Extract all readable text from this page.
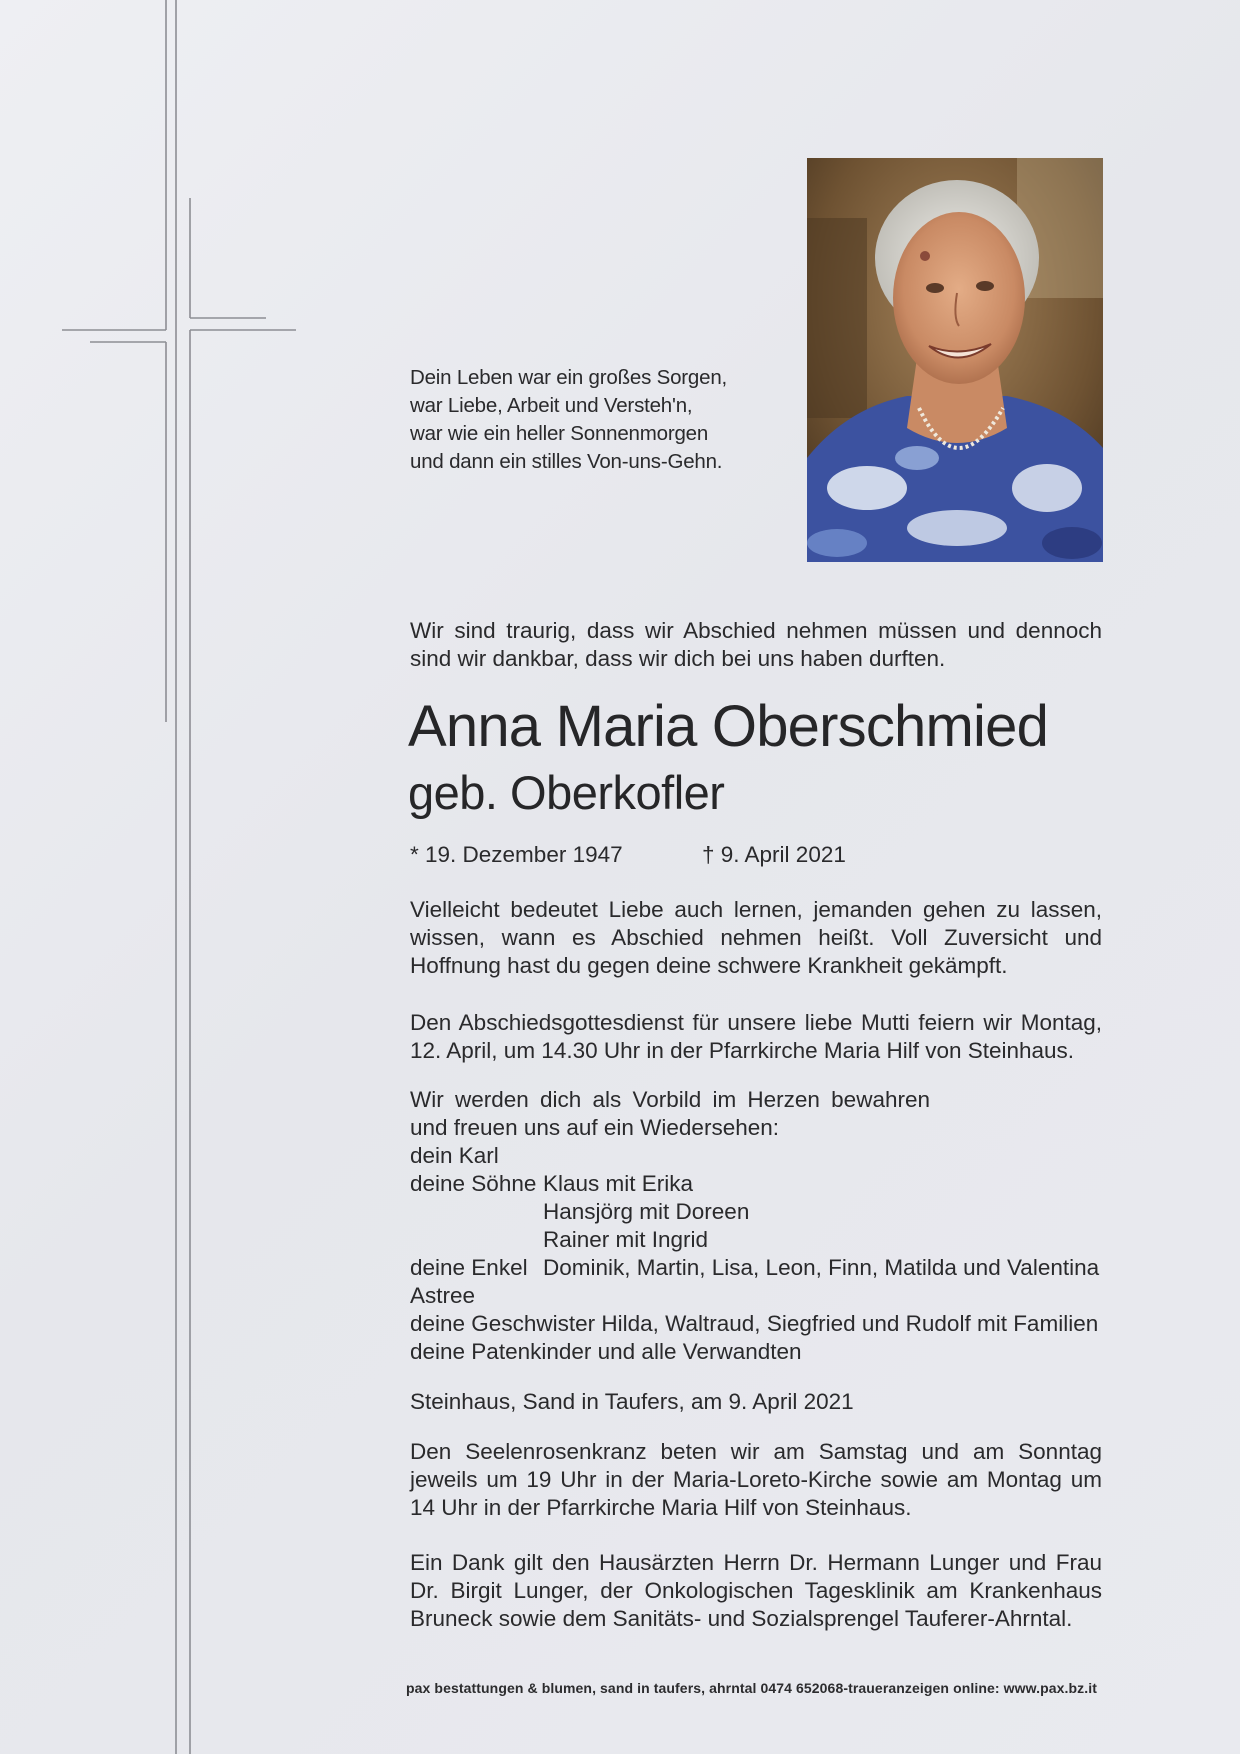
Dein Leben war ein großes Sorgen,
war Liebe, Arbeit und Versteh'n,
war wie ein heller Sonnenmorgen
und dann ein stilles Von-uns-Gehn.
Wir sind traurig, dass wir Abschied nehmen müssen und dennoch sind wir dankbar, dass wir dich bei uns haben durften.
Anna Maria Oberschmied
geb. Oberkofler
* 19. Dezember 1947	† 9. April 2021
Vielleicht bedeutet Liebe auch lernen, jemanden gehen zu lassen, wissen, wann es Abschied nehmen heißt. Voll Zuversicht und Hoffnung hast du gegen deine schwere Krankheit gekämpft.
Den Abschiedsgottesdienst für unsere liebe Mutti feiern wir Montag, 12. April, um 14.30 Uhr in der Pfarrkirche Maria Hilf von Steinhaus.
Wir werden dich als Vorbild im Herzen bewahren und freuen uns auf ein Wiedersehen:
dein Karl
deine Söhne Klaus mit Erika
Hansjörg mit Doreen
Rainer mit Ingrid
deine Enkel Dominik, Martin, Lisa, Leon, Finn, Matilda und Valentina
Astree
deine Geschwister Hilda, Waltraud, Siegfried und Rudolf mit Familien
deine Patenkinder und alle Verwandten
Steinhaus, Sand in Taufers, am 9. April 2021
Den Seelenrosenkranz beten wir am Samstag und am Sonntag jeweils um 19 Uhr in der Maria-Loreto-Kirche sowie am Montag um 14 Uhr in der Pfarrkirche Maria Hilf von Steinhaus.
Ein Dank gilt den Hausärzten Herrn Dr. Hermann Lunger und Frau Dr. Birgit Lunger, der Onkologischen Tagesklinik am Krankenhaus Bruneck sowie dem Sanitäts- und Sozialsprengel Tauferer-Ahrntal.
pax bestattungen & blumen, sand in taufers, ahrntal 0474 652068-traueranzeigen online: www.pax.bz.it
